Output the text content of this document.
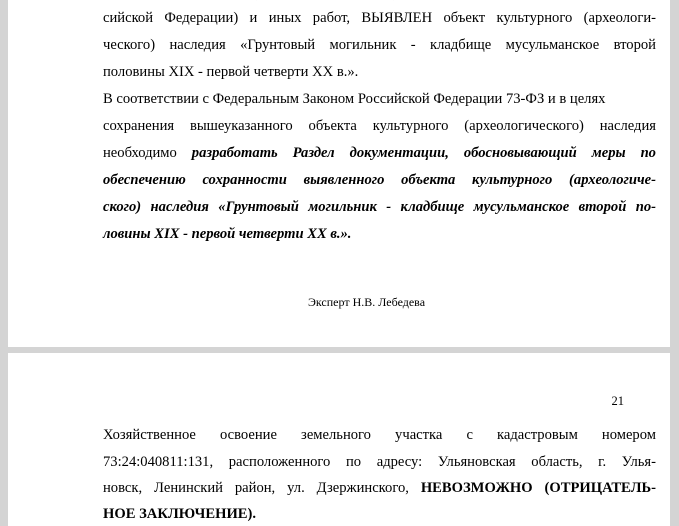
сийской Федерации) и иных работ, ВЫЯВЛЕН объект культурного (археологи-
ческого) наследия «Грунтовый могильник - кладбище мусульманское второй
половины XIX - первой четверти XX в.».
В соответствии с Федеральным Законом Российской Федерации 73-ФЗ и в целях
сохранения вышеуказанного объекта культурного (археологического) наследия
необходимо разработать Раздел документации, обосновывающий меры по
обеспечению сохранности выявленного объекта культурного (археологиче-
ского) наследия «Грунтовый могильник - кладбище мусульманское второй по-
ловины XIX - первой четверти XX в.».
Эксперт Н.В. Лебедева
21
Хозяйственное освоение земельного участка с кадастровым номером
73:24:040811:131, расположенного по адресу: Ульяновская область, г. Улья-
новск, Ленинский район, ул. Дзержинского, НЕВОЗМОЖНО (ОТРИЦАТЕЛЬ-
НОЕ ЗАКЛЮЧЕНИЕ).
